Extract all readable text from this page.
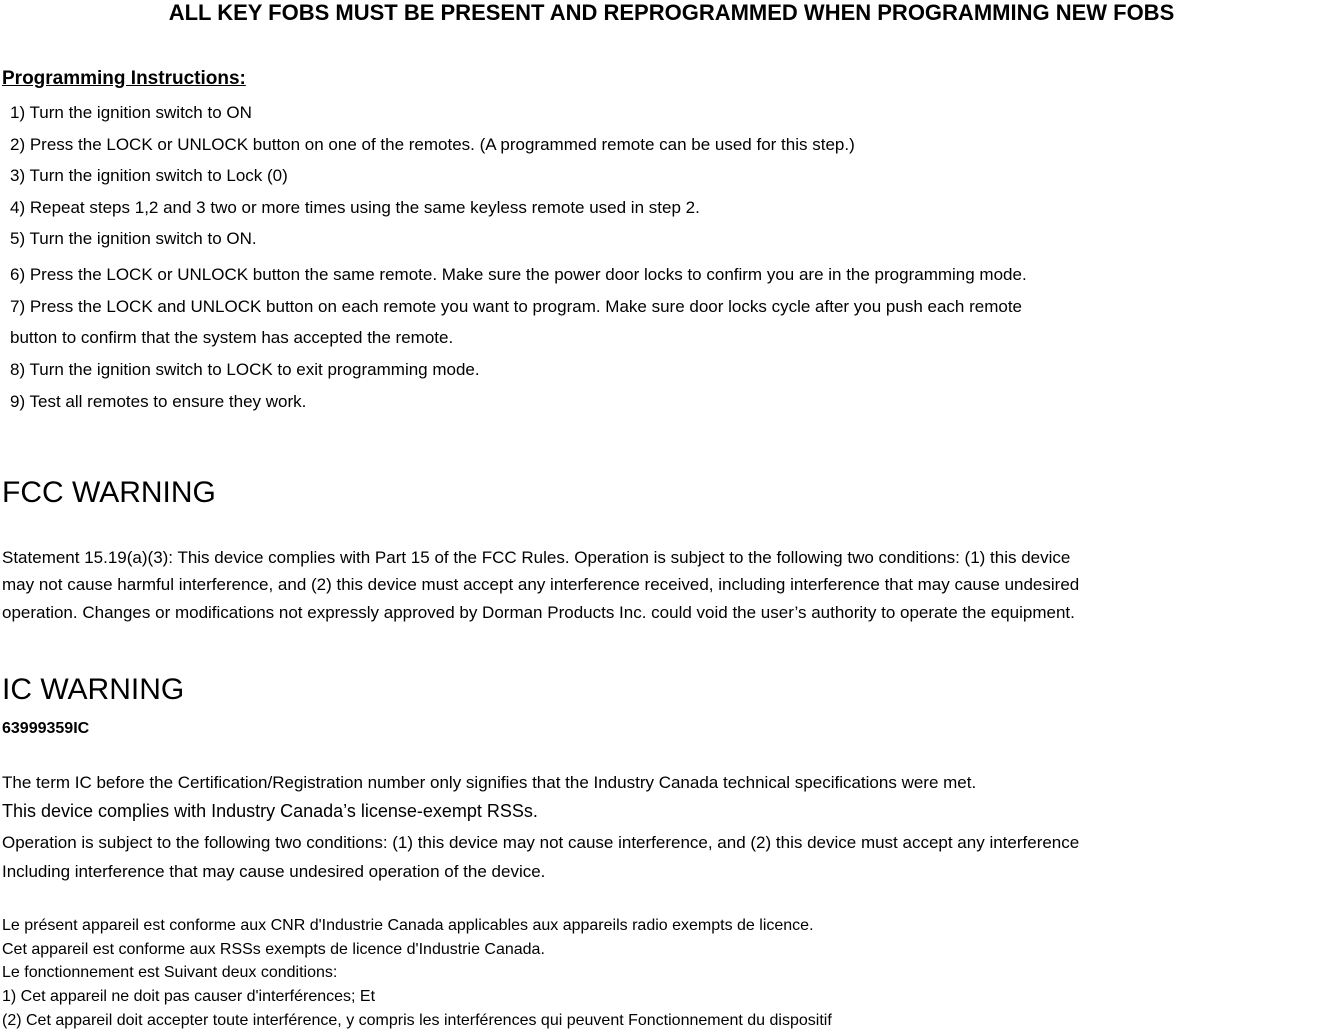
ALL KEY FOBS MUST BE PRESENT AND REPROGRAMMED WHEN PROGRAMMING NEW FOBS
Programming Instructions:
1) Turn the ignition switch to ON
2) Press the LOCK or UNLOCK button on one of the remotes. (A programmed remote can be used for this step.)
3) Turn the ignition switch to Lock (0)
4) Repeat steps 1,2 and 3 two or more times using the same keyless remote used in step 2.
5) Turn the ignition switch to ON.
6) Press the LOCK or UNLOCK button the same remote. Make sure the power door locks to confirm you are in the programming mode.
7) Press the LOCK and UNLOCK button on each remote you want to program. Make sure door locks cycle after you push each remote
button to confirm that the system has accepted the remote.
8) Turn the ignition switch to LOCK to exit programming mode.
9) Test all remotes to ensure they work.
FCC WARNING
Statement 15.19(a)(3): This device complies with Part 15 of the FCC Rules. Operation is subject to the following two conditions: (1) this device
may not cause harmful interference, and (2) this device must accept any interference received, including interference that may cause undesired
operation. Changes or modifications not expressly approved by Dorman Products Inc. could void the user’s authority to operate the equipment.
IC WARNING
63999359IC
The term IC before the Certification/Registration number only signifies that the Industry Canada technical specifications were met.
This device complies with Industry Canada’s license-exempt RSSs.
Operation is subject to the following two conditions: (1) this device may not cause interference, and (2) this device must accept any interference
Including interference that may cause undesired operation of the device.
Le présent appareil est conforme aux CNR d'Industrie Canada applicables aux appareils radio exempts de licence.
Cet appareil est conforme aux RSSs exempts de licence d'Industrie Canada.
Le fonctionnement est Suivant deux conditions:
1) Cet appareil ne doit pas causer d'interférences; Et
(2) Cet appareil doit accepter toute interférence, y compris les interférences qui peuvent Fonctionnement du dispositif
